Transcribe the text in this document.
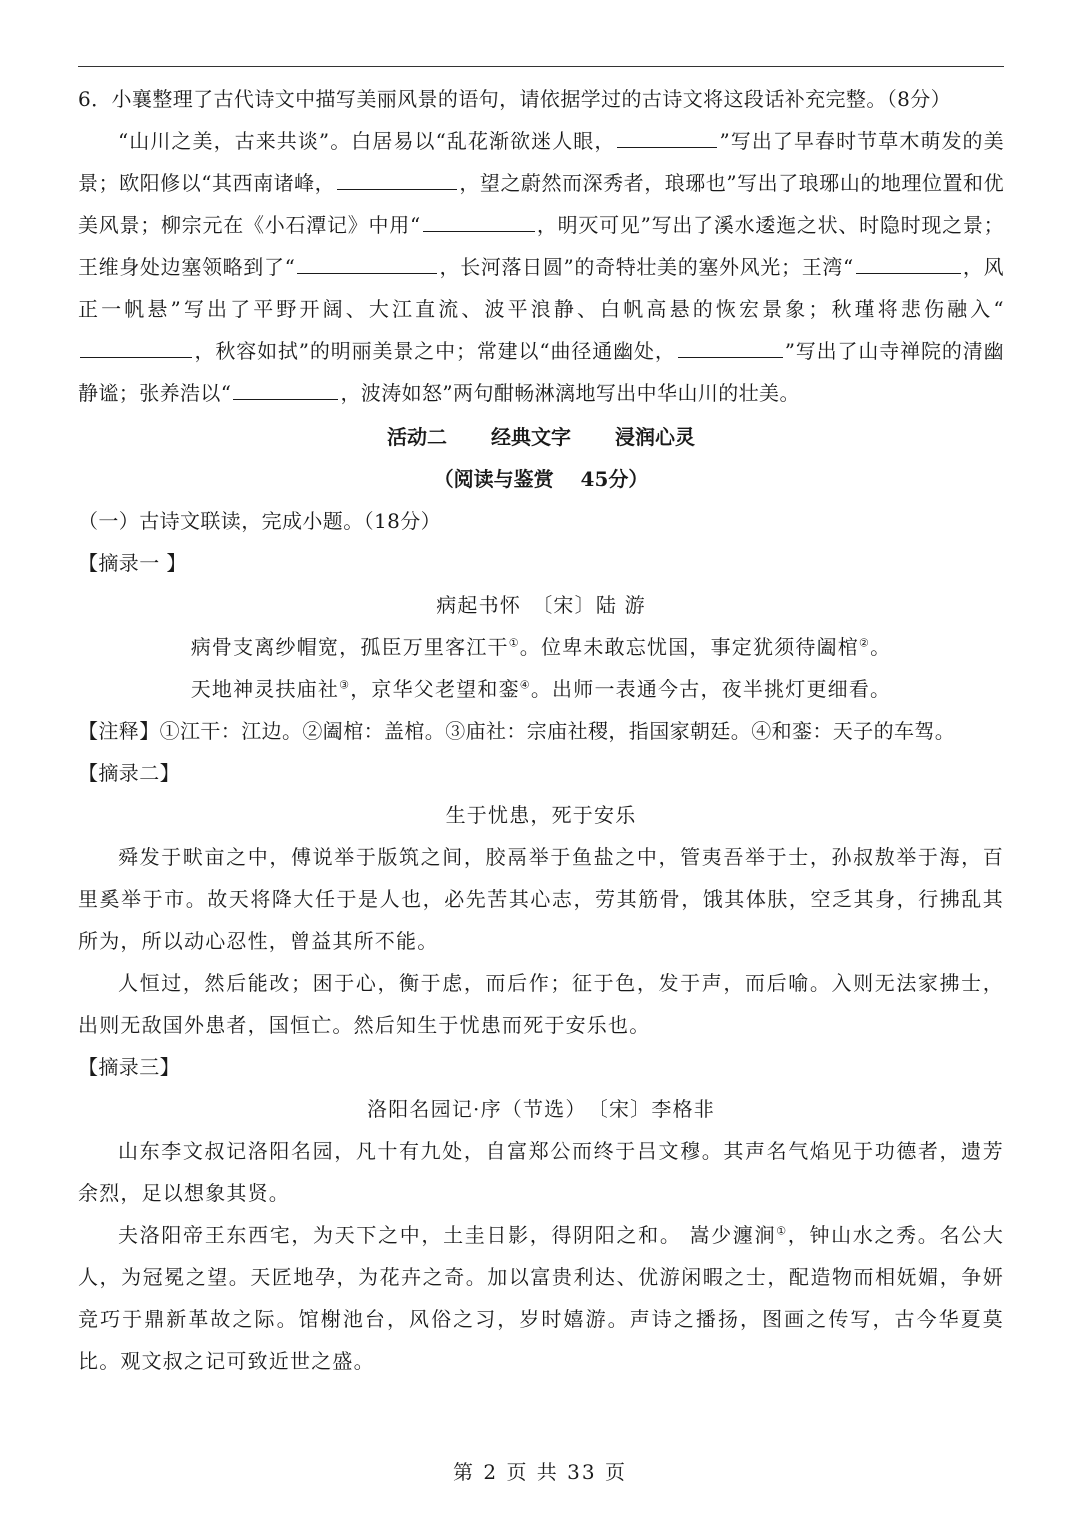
6．小襄整理了古代诗文中描写美丽风景的语句，请依据学过的古诗文将这段话补充完整。（8分）

“山川之美，古来共谈”。白居易以“乱花渐欲迷人眼，	”写出了早春时节草木萌发的美景；欧阳修以“其西南诸峰，	，望之蔚然而深秀者，琅琊也”写出了琅琊山的地理位置和优美风景；柳宗元在《小石潭记》中用“	，明灭可见”写出了溪水逶迤之状、时隐时现之景；王维身处边塞领略到了“	，长河落日圆”的奇特壮美的塞外风光；王湾“	，风正一帆悬”写出了平野开阔、大江直流、波平浪静、白帆高悬的恢宏景象；秋瑾将悲伤融入“，秋容如拭”的明丽美景之中；常建以“曲径通幽处，	”写出了山寺禅院的清幽静谧；张养浩以“	，波涛如怒”两句酣畅淋漓地写出中华山川的壮美。

活动二 经典文字 浸润心灵

（阅读与鉴赏　 45分）

（一）古诗文联读，完成小题。（18分）

【摘录一 】

病起书怀　〔宋〕陆 游

病骨支离纱帽宽，孤臣万里客江干①。位卑未敢忘忧国，事定犹须待阖棺②。

天地神灵扶庙社③，京华父老望和銮④。出师一表通今古，夜半挑灯更细看。

【注释】①江干：江边。②阖棺：盖棺。③庙社：宗庙社稷，指国家朝廷。④和銮：天子的车驾。

【摘录二】

生于忧患，死于安乐

舜发于畎亩之中，傅说举于版筑之间，胶鬲举于鱼盐之中，管夷吾举于士，孙叔敖举于海，百里奚举于市。故天将降大任于是人也，必先苦其心志，劳其筋骨，饿其体肤，空乏其身，行拂乱其所为，所以动心忍性，曾益其所不能。

人恒过，然后能改；困于心，衡于虑，而后作；征于色，发于声，而后喻。入则无法家拂士，出则无敌国外患者，国恒亡。然后知生于忧患而死于安乐也。

【摘录三】

洛阳名园记·序（节选）　〔宋〕李格非

山东李文叔记洛阳名园，凡十有九处，自富郑公而终于吕文穆。其声名气焰见于功德者，遗芳余烈，足以想象其贤。

夫洛阳帝王东西宅，为天下之中，土圭日影，得阴阳之和。 嵩少瀍涧①，钟山水之秀。名公大人，为冠冕之望。天匠地孕，为花卉之奇。加以富贵利达、优游闲暇之士，配造物而相妩媚，争妍竞巧于鼎新革故之际。馆榭池台，风俗之习，岁时嬉游。声诗之播扬，图画之传写，古今华夏莫比。观文叔之记可致近世之盛。

第 2 页 共 33 页
